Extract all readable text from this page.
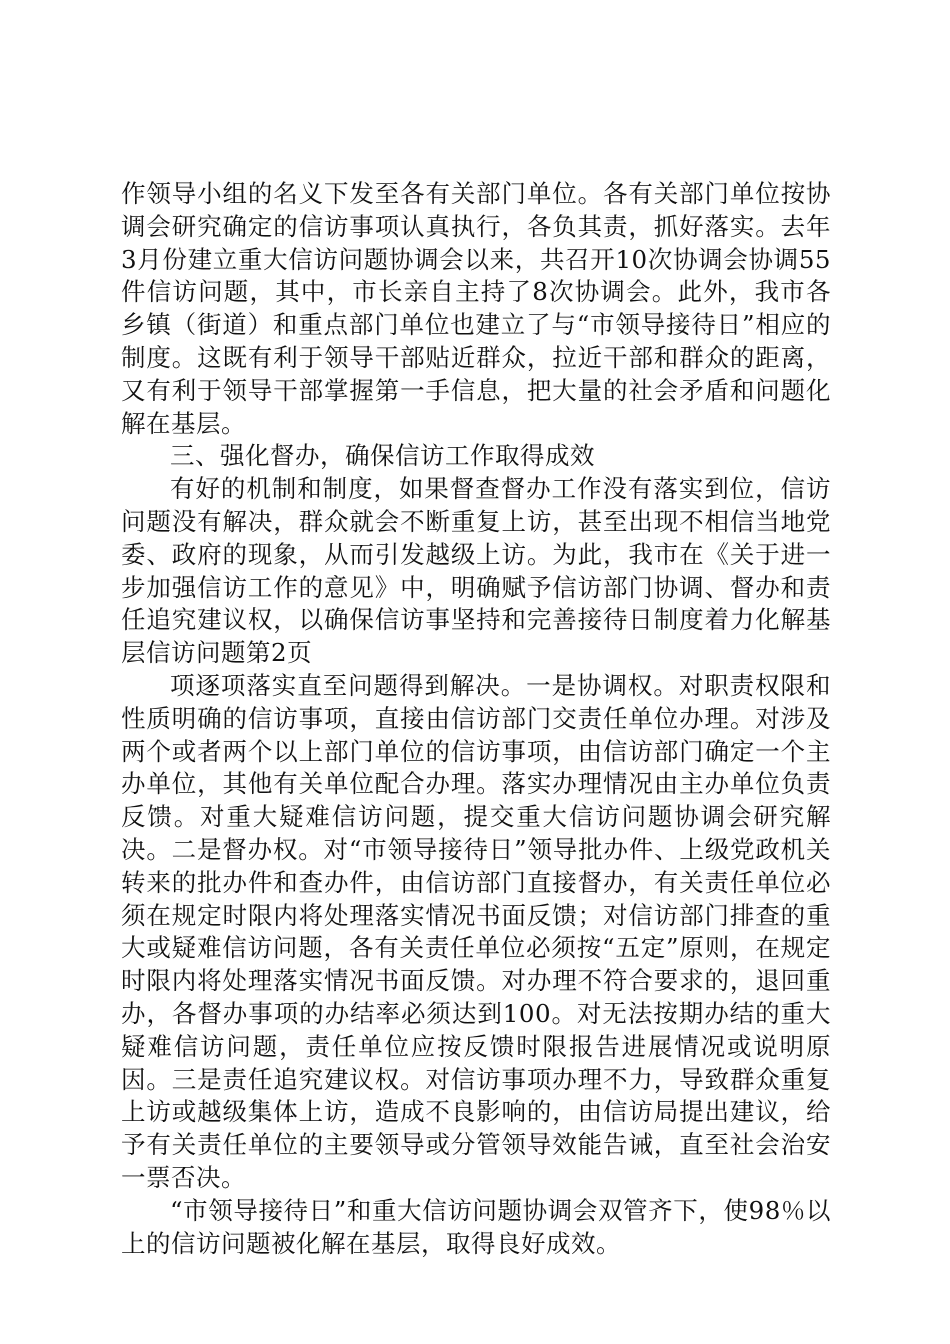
作领导小组的名义下发至各有关部门单位。各有关部门单位按协调会研究确定的信访事项认真执行，各负其责，抓好落实。去年3月份建立重大信访问题协调会以来，共召开10次协调会协调55件信访问题，其中，市长亲自主持了8次协调会。此外，我市各乡镇（街道）和重点部门单位也建立了与“市领导接待日”相应的制度。这既有利于领导干部贴近群众，拉近干部和群众的距离，又有利于领导干部掌握第一手信息，把大量的社会矛盾和问题化解在基层。

三、强化督办，确保信访工作取得成效

有好的机制和制度，如果督查督办工作没有落实到位，信访问题没有解决，群众就会不断重复上访，甚至出现不相信当地党委、政府的现象，从而引发越级上访。为此，我市在《关于进一步加强信访工作的意见》中，明确赋予信访部门协调、督办和责任追究建议权，以确保信访事坚持和完善接待日制度着力化解基层信访问题第2页

项逐项落实直至问题得到解决。一是协调权。对职责权限和性质明确的信访事项，直接由信访部门交责任单位办理。对涉及两个或者两个以上部门单位的信访事项，由信访部门确定一个主办单位，其他有关单位配合办理。落实办理情况由主办单位负责反馈。对重大疑难信访问题，提交重大信访问题协调会研究解决。二是督办权。对“市领导接待日”领导批办件、上级党政机关转来的批办件和查办件，由信访部门直接督办，有关责任单位必须在规定时限内将处理落实情况书面反馈；对信访部门排查的重大或疑难信访问题，各有关责任单位必须按“五定”原则，在规定时限内将处理落实情况书面反馈。对办理不符合要求的，退回重办，各督办事项的办结率必须达到100。对无法按期办结的重大疑难信访问题，责任单位应按反馈时限报告进展情况或说明原因。三是责任追究建议权。对信访事项办理不力，导致群众重复上访或越级集体上访，造成不良影响的，由信访局提出建议，给予有关责任单位的主要领导或分管领导效能告诫，直至社会治安一票否决。

“市领导接待日”和重大信访问题协调会双管齐下，使98％以上的信访问题被化解在基层，取得良好成效。
